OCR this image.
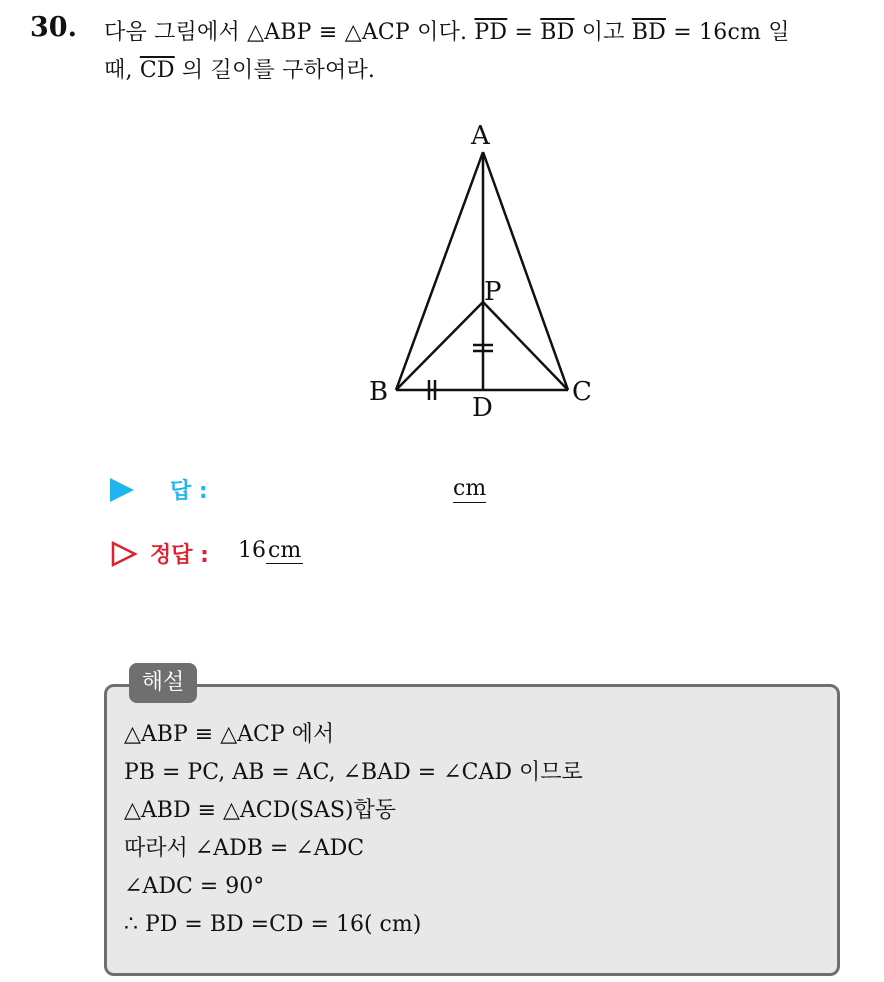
30. 다음 그림에서 △ABP ≡ △ACP 이다. $\overline{PD} = \overline{BD}$ 이고 $\overline{BD} = 16cm$ 일
때, $\overline{CD}$ 의 길이를 구하여라.
A
P
B	C
D
답 :	cm
정답 : 16cm
해설
△ABP ≡ △ACP 에서
PB = PC, AB = AC, ∠BAD = ∠CAD 이므로
△ABD ≡ △ACD(SAS)합동
따라서 ∠ADB = ∠ADC
∠ADC = 90°
∴ PD = BD =CD = 16( cm)
